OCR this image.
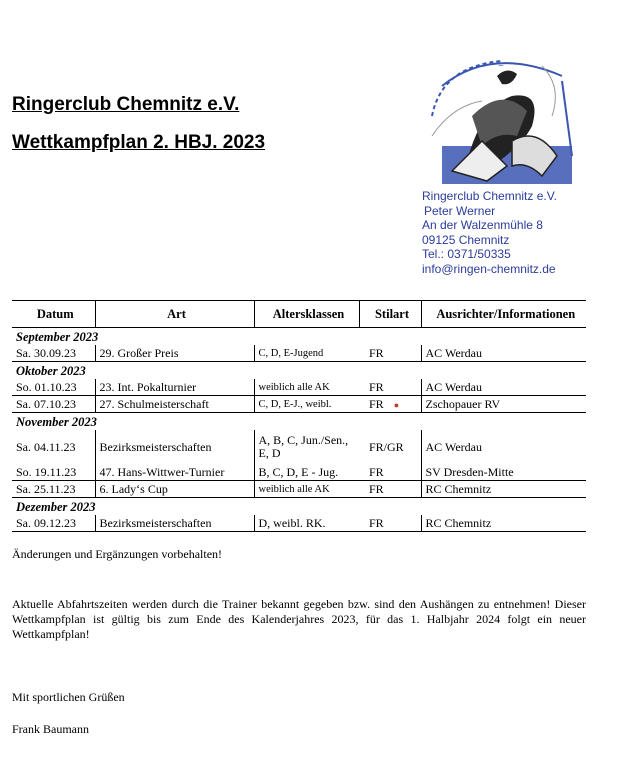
Ringerclub Chemnitz e.V.
Wettkampfplan 2. HBJ. 2023
~
Ringerclub Chemnitz e.V.
Peter Werner
An der Walzenmühle 8
09125 Chemnitz
Tel.: 0371/50335
info@ringen-chemnitz.de
Datum	Art	Altersklassen	Stilart	Ausrichter/Informationen
September 2023				
Sa. 30.09.23	29. Großer Preis	C, D, E-Jugend	FR	AC Werdau
Oktober 2023				
So. 01.10.23	23. Int. Pokalturnier	weiblich alle AK	FR	AC Werdau
Sa. 07.10.23	27. Schulmeisterschaft	C, D, E-J., weibl.	FR ●	Zschopauer RV
November 2023				
Sa. 04.11.23	Bezirksmeisterschaften	A, B, C, Jun./Sen., E, D	FR/GR	AC Werdau
So. 19.11.23	47. Hans-Wittwer-Turnier	B, C, D, E - Jug.	FR	SV Dresden-Mitte
Sa. 25.11.23	6. Lady‘s Cup	weiblich alle AK	FR	RC Chemnitz
Dezember 2023				
Sa. 09.12.23	Bezirksmeisterschaften	D, weibl. RK.	FR	RC Chemnitz
Änderungen und Ergänzungen vorbehalten!
Aktuelle Abfahrtszeiten werden durch die Trainer bekannt gegeben bzw. sind den Aushängen zu entnehmen! Dieser Wettkampfplan ist gültig bis zum Ende des Kalenderjahres 2023, für das 1. Halbjahr 2024 folgt ein neuer Wettkampfplan!
Mit sportlichen Grüßen
Frank Baumann
